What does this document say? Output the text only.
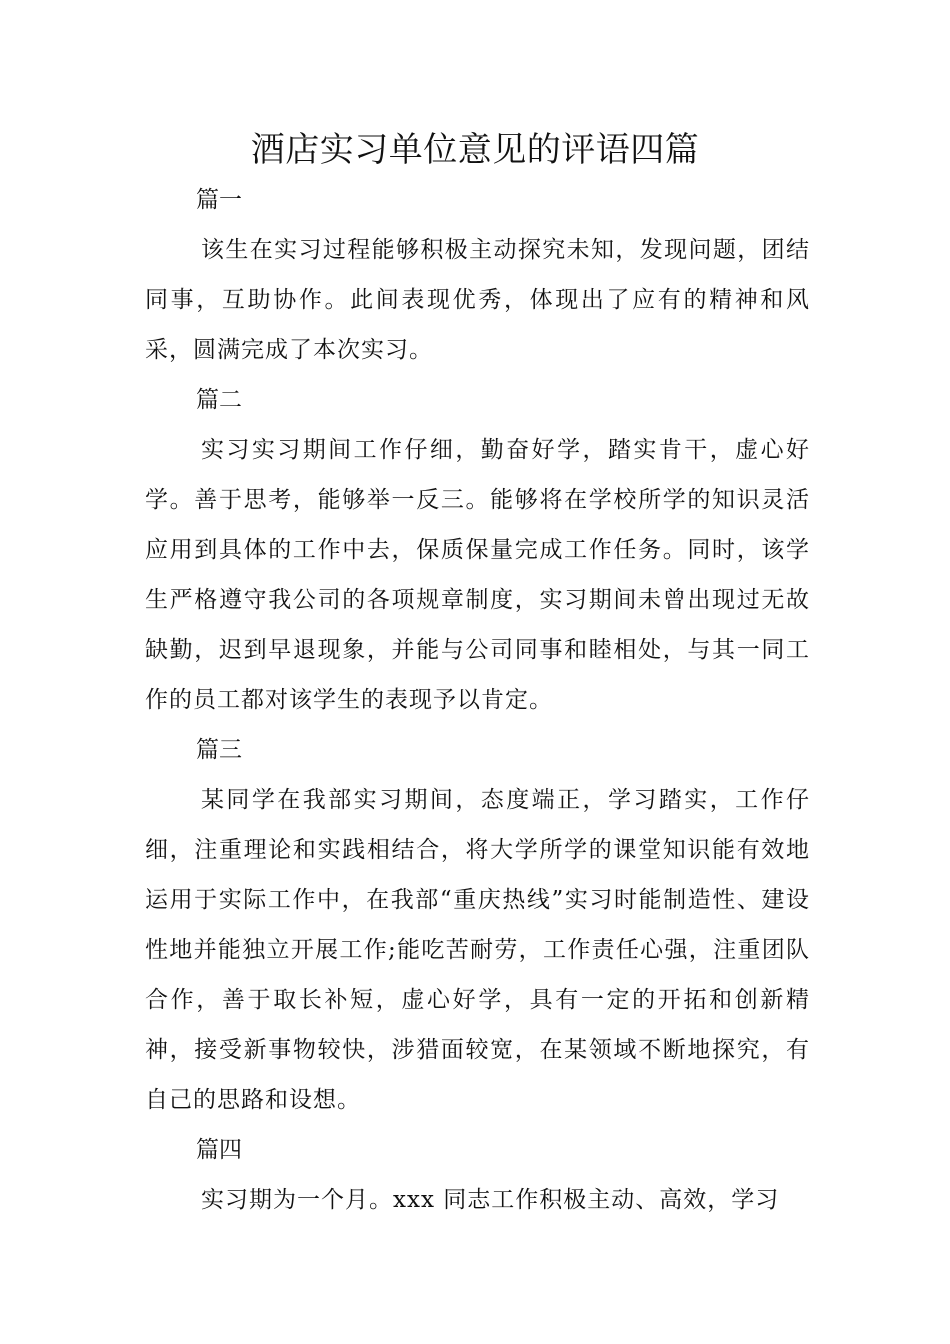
酒店实习单位意见的评语四篇

篇一

该生在实习过程能够积极主动探究未知，发现问题，团结同事，互助协作。此间表现优秀，体现出了应有的精神和风采，圆满完成了本次实习。

篇二

实习实习期间工作仔细，勤奋好学，踏实肯干，虚心好学。善于思考，能够举一反三。能够将在学校所学的知识灵活应用到具体的工作中去，保质保量完成工作任务。同时，该学生严格遵守我公司的各项规章制度，实习期间未曾出现过无故缺勤，迟到早退现象，并能与公司同事和睦相处，与其一同工作的员工都对该学生的表现予以肯定。

篇三

某同学在我部实习期间，态度端正，学习踏实，工作仔细，注重理论和实践相结合，将大学所学的课堂知识能有效地运用于实际工作中，在我部“重庆热线”实习时能制造性、建设性地并能独立开展工作;能吃苦耐劳，工作责任心强，注重团队合作，善于取长补短，虚心好学，具有一定的开拓和创新精神，接受新事物较快，涉猎面较宽，在某领域不断地探究，有自己的思路和设想。

篇四

实习期为一个月。xxx 同志工作积极主动、高效，学习
